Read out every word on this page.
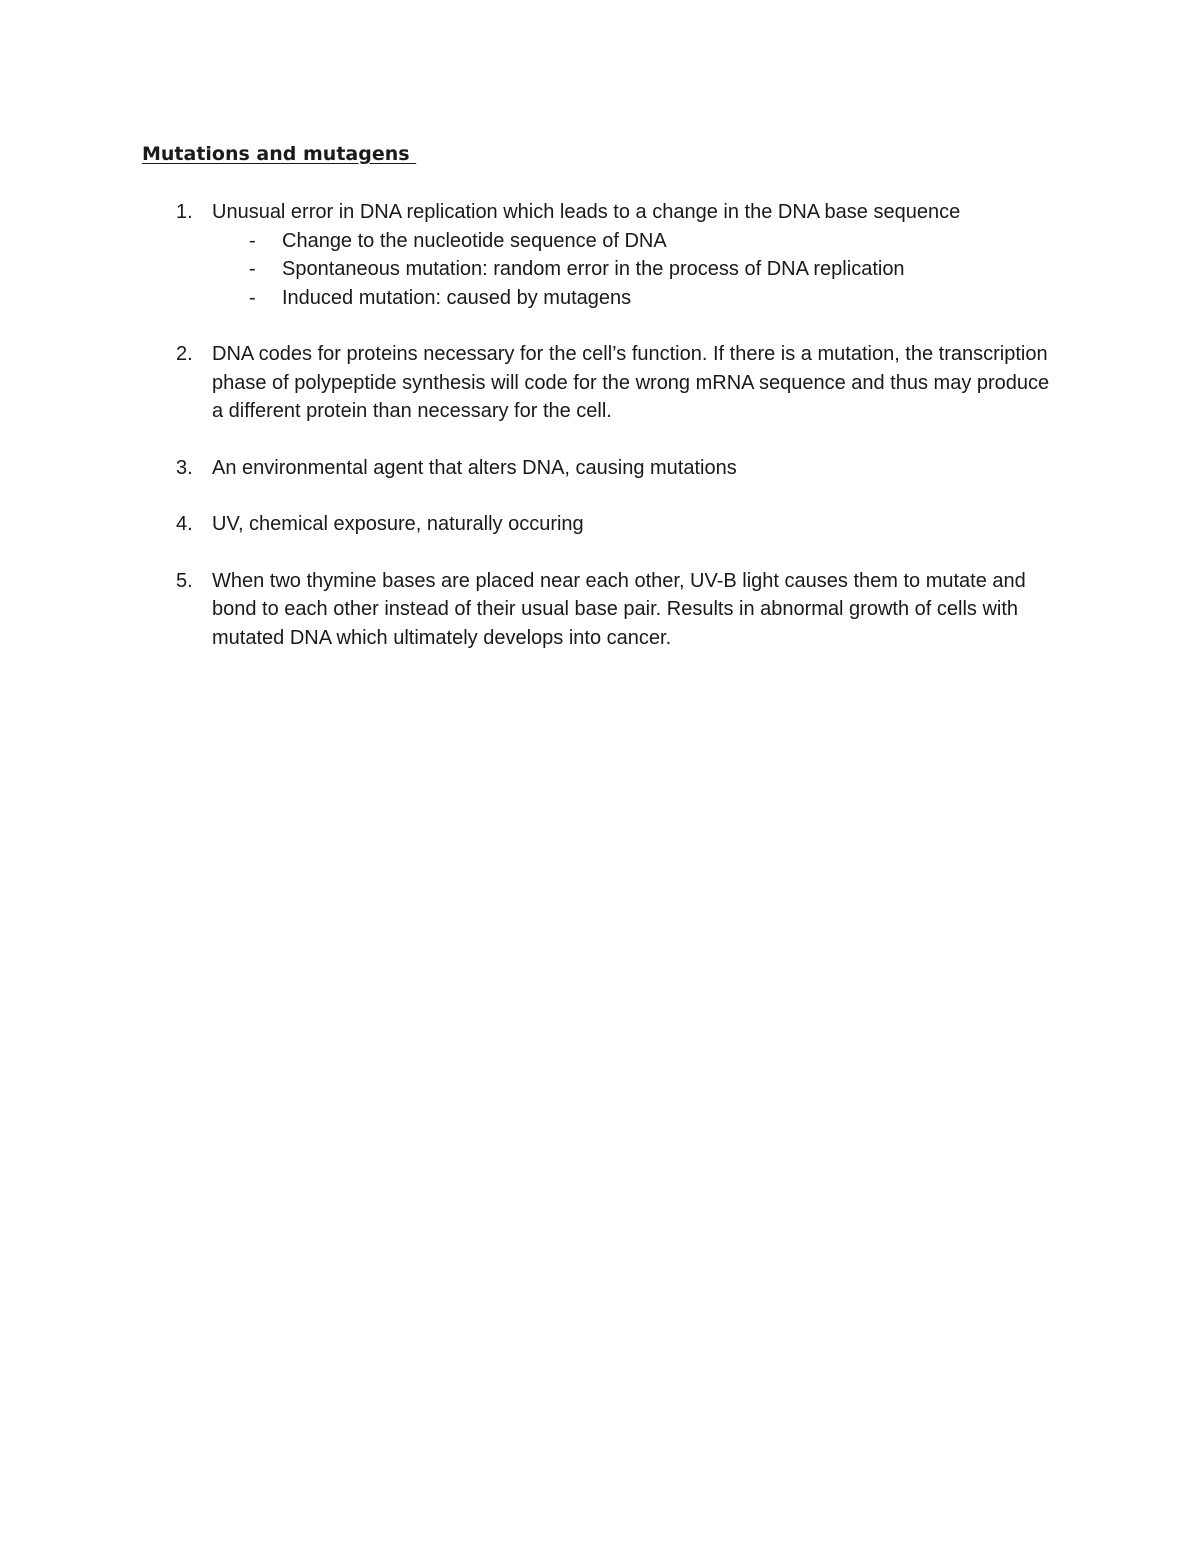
Mutations and mutagens
1. Unusual error in DNA replication which leads to a change in the DNA base sequence
- Change to the nucleotide sequence of DNA
- Spontaneous mutation: random error in the process of DNA replication
- Induced mutation: caused by mutagens
2. DNA codes for proteins necessary for the cell’s function. If there is a mutation, the transcription phase of polypeptide synthesis will code for the wrong mRNA sequence and thus may produce a different protein than necessary for the cell.
3. An environmental agent that alters DNA, causing mutations
4. UV, chemical exposure, naturally occuring
5. When two thymine bases are placed near each other, UV-B light causes them to mutate and bond to each other instead of their usual base pair. Results in abnormal growth of cells with mutated DNA which ultimately develops into cancer.
